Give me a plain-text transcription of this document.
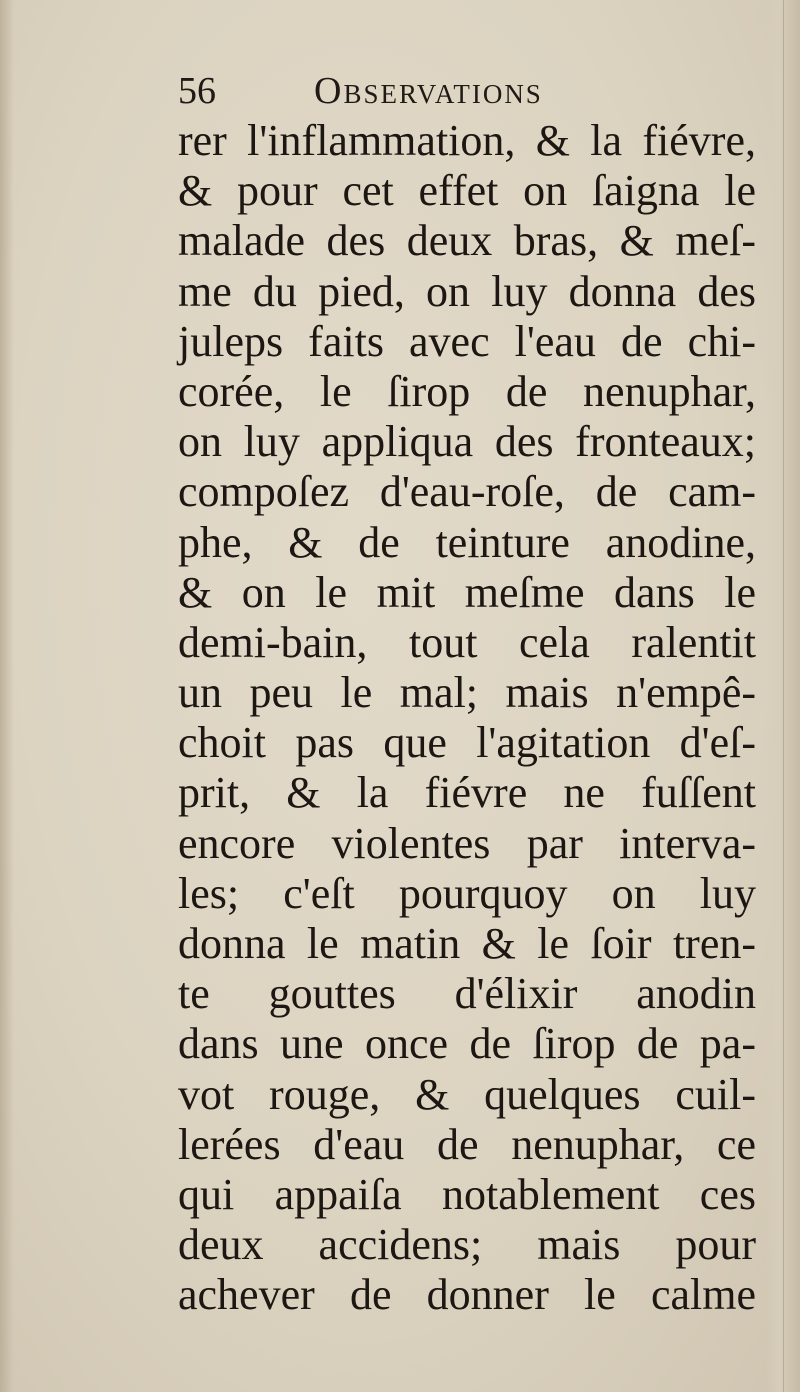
56	Observations
rer l'inflammation, & la fiévre,
& pour cet effet on ſaigna le
malade des deux bras, & meſ-
me du pied, on luy donna des
juleps faits avec l'eau de chi-
corée, le ſirop de nenuphar,
on luy appliqua des fronteaux;
compoſez d'eau-roſe, de cam-
phe, & de teinture anodine,
& on le mit meſme dans le
demi-bain, tout cela ralentit
un peu le mal; mais n'empê-
choit pas que l'agitation d'eſ-
prit, & la fiévre ne fuſſent
encore violentes par interva-
les; c'eſt pourquoy on luy
donna le matin & le ſoir tren-
te gouttes d'élixir anodin
dans une once de ſirop de pa-
vot rouge, & quelques cuil-
lerées d'eau de nenuphar, ce
qui appaiſa notablement ces
deux accidens; mais pour
achever de donner le calme
